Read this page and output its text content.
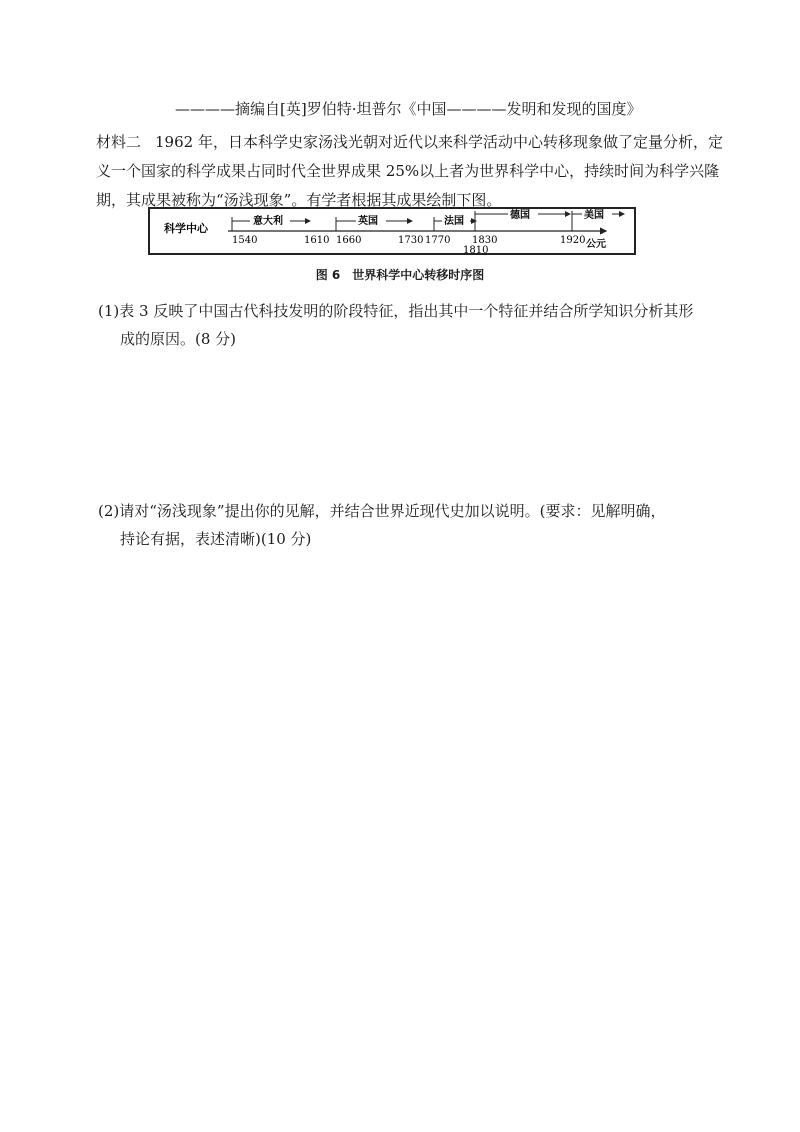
————摘编自[英]罗伯特·坦普尔《中国————发明和发现的国度》
材料二 1962 年，日本科学史家汤浅光朝对近代以来科学活动中心转移现象做了定量分析，定义一个国家的科学成果占同时代全世界成果 25%以上者为世界科学中心，持续时间为科学兴隆期，其成果被称为“汤浅现象”。有学者根据其成果绘制下图。
科学中心
意大利	英国	法国
德国	美国
1540	1610 1660	1730 1770 1830
1810
1920 公元
图 6　世界科学中心转移时序图
(1)表 3 反映了中国古代科技发明的阶段特征，指出其中一个特征并结合所学知识分析其形
成的原因。(8 分)
(2)请对“汤浅现象”提出你的见解，并结合世界近现代史加以说明。(要求：见解明确，
持论有据，表述清晰)(10 分)
